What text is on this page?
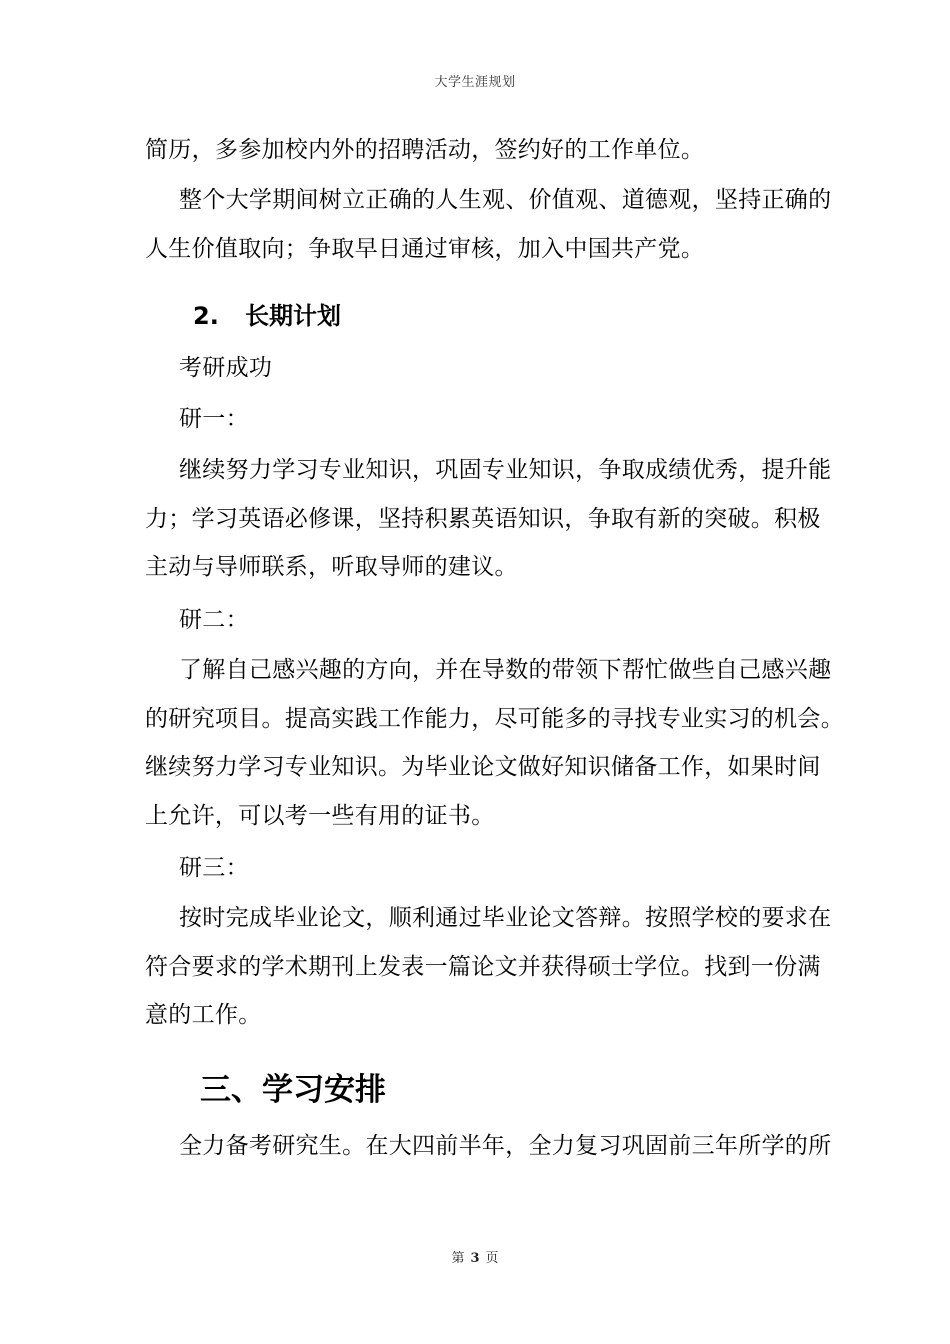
大学生涯规划
简历，多参加校内外的招聘活动，签约好的工作单位。
整个大学期间树立正确的人生观、价值观、道德观，坚持正确的
人生价值取向；争取早日通过审核，加入中国共产党。
2. 长期计划
考研成功
研一：
继续努力学习专业知识，巩固专业知识，争取成绩优秀，提升能
力；学习英语必修课，坚持积累英语知识，争取有新的突破。积极
主动与导师联系，听取导师的建议。
研二：
了解自己感兴趣的方向，并在导数的带领下帮忙做些自己感兴趣
的研究项目。提高实践工作能力，尽可能多的寻找专业实习的机会。
继续努力学习专业知识。为毕业论文做好知识储备工作，如果时间
上允许，可以考一些有用的证书。
研三：
按时完成毕业论文，顺利通过毕业论文答辩。按照学校的要求在
符合要求的学术期刊上发表一篇论文并获得硕士学位。找到一份满
意的工作。
三、学习安排
全力备考研究生。在大四前半年，全力复习巩固前三年所学的所
第 3 页
